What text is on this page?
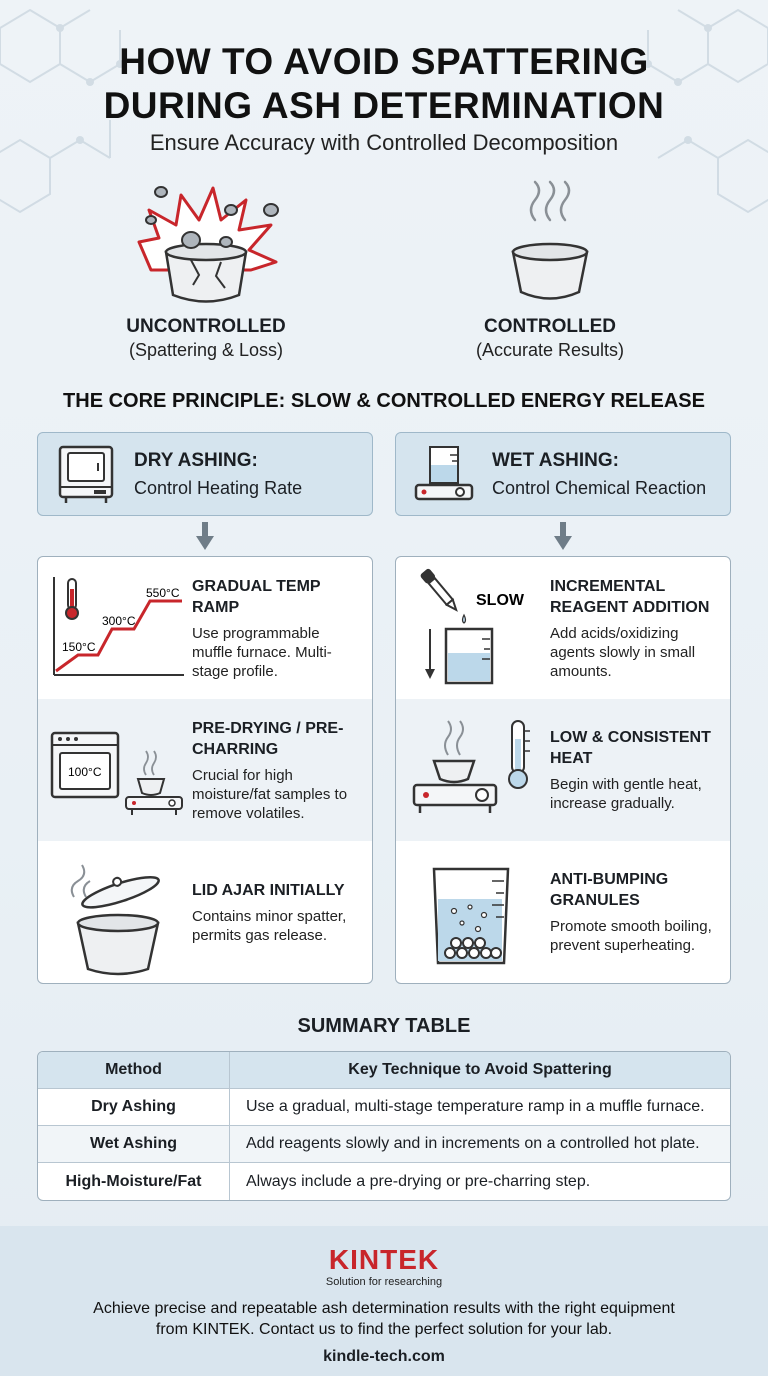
HOW TO AVOID SPATTERING
DURING ASH DETERMINATION
Ensure Accuracy with Controlled Decomposition
UNCONTROLLED
(Spattering & Loss)
CONTROLLED
(Accurate Results)
THE CORE PRINCIPLE: SLOW & CONTROLLED ENERGY RELEASE
DRY ASHING:
Control Heating Rate
WET ASHING:
Control Chemical Reaction
150°C
300°C
550°C GRADUAL TEMP RAMP
Use programmable muffle furnace. Multi-stage profile.
100°C
PRE-DRYING / PRE-CHARRING
Crucial for high moisture/fat samples to remove volatiles.
LID AJAR INITIALLY
Contains minor spatter, permits gas release.
SLOW
INCREMENTAL REAGENT ADDITION
Add acids/oxidizing agents slowly in small amounts.
LOW & CONSISTENT HEAT
Begin with gentle heat, increase gradually.
ANTI-BUMPING GRANULES
Promote smooth boiling, prevent superheating.
SUMMARY TABLE
Method	Key Technique to Avoid Spattering
Dry Ashing	Use a gradual, multi-stage temperature ramp in a muffle furnace.
Wet Ashing	Add reagents slowly and in increments on a controlled hot plate.
High-Moisture/Fat	Always include a pre-drying or pre-charring step.
KINTEK
Solution for researching
Achieve precise and repeatable ash determination results with the right equipment
from KINTEK. Contact us to find the perfect solution for your lab.
kindle-tech.com
